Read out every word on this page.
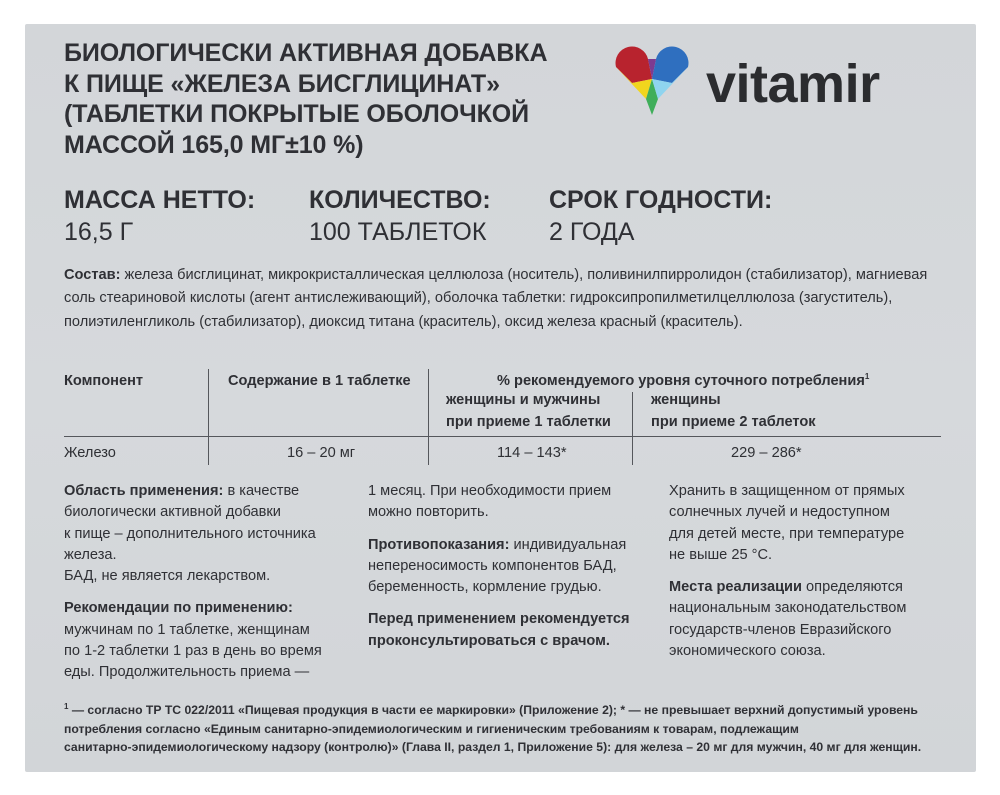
БИОЛОГИЧЕСКИ АКТИВНАЯ ДОБАВКА
К ПИЩЕ «ЖЕЛЕЗА БИСГЛИЦИНАТ»
(ТАБЛЕТКИ ПОКРЫТЫЕ ОБОЛОЧКОЙ
МАССОЙ 165,0 МГ±10 %)
vitamir
МАССА НЕТТО:
16,5 Г
КОЛИЧЕСТВО:
100 ТАБЛЕТОК
СРОК ГОДНОСТИ:
2 ГОДА

Состав: железа бисглицинат, микрокристаллическая целлюлоза (носитель), поливинилпирролидон (стабилизатор), магниевая
соль стеариновой кислоты (агент антислеживающий), оболочка таблетки: гидроксипропилметилцеллюлоза (загуститель),
полиэтиленгликоль (стабилизатор), диоксид титана (краситель), оксид железа красный (краситель).

Компонент	Содержание в 1 таблетке	% рекомендуемого уровня суточного потребления$^1$
женщины и мужчины
при приеме 1 таблетки
женщины
при приеме 2 таблеток
Железо	16 – 20 мг	114 – 143*	229 – 286*
Область применения: в качестве
биологически активной добавки
к пище – дополнительного источника
железа.
БАД, не является лекарством.
Рекомендации по применению:
мужчинам по 1 таблетке, женщинам
по 1-2 таблетки 1 раз в день во время
еды. Продолжительность приема —
1 месяц. При необходимости прием
можно повторить.
Противопоказания: индивидуальная
непереносимость компонентов БАД,
беременность, кормление грудью.
Перед применением рекомендуется
проконсультироваться с врачом.
Хранить в защищенном от прямых
солнечных лучей и недоступном
для детей месте, при температуре
не выше 25 °С.
Места реализации определяются
национальным законодательством
государств-членов Евразийского
экономического союза.

$^1$ — согласно ТР ТС 022/2011 «Пищевая продукция в части ее маркировки» (Приложение 2); * — не превышает верхний допустимый уровень
потребления согласно «Единым санитарно-эпидемиологическим и гигиеническим требованиям к товарам, подлежащим
санитарно-эпидемиологическому надзору (контролю)» (Глава II, раздел 1, Приложение 5): для железа – 20 мг для мужчин, 40 мг для женщин.
